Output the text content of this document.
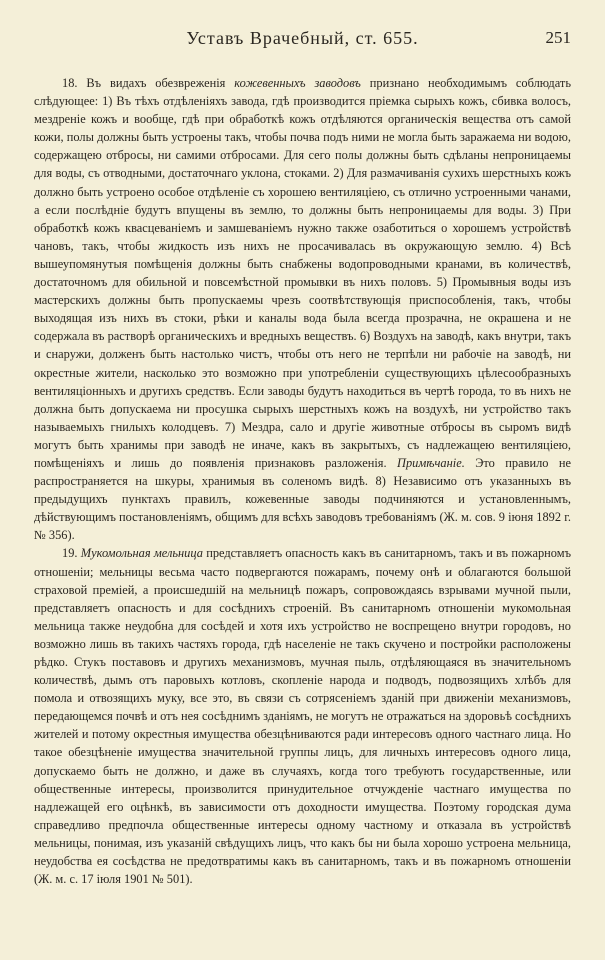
Уставъ Врачебный, ст. 655.	251

18. Въ видахъ обезвреженія кожевенныхъ заводовъ признано необходимымъ соблюдать слѣдующее: 1) Въ тѣхъ отдѣленіяхъ завода, гдѣ производится пріемка сырыхъ кожъ, сбивка волосъ, мездреніе кожъ и вообще, гдѣ при обработкѣ кожъ отдѣляются органическія вещества отъ самой кожи, полы должны быть устроены такъ, чтобы почва подъ ними не могла быть заражаема ни водою, содержащею отбросы, ни самими отбросами. Для сего полы должны быть сдѣланы непроницаемы для воды, съ отводными, достаточнаго уклона, стоками. 2) Для размачиванія сухихъ шерстныхъ кожъ должно быть устроено особое отдѣленіе съ хорошею вентиляціею, съ отлично устроенными чанами, а если послѣдніе будутъ впущены въ землю, то должны быть непроницаемы для воды. 3) При обработкѣ кожъ квасцеваніемъ и замшеваніемъ нужно также озаботиться о хорошемъ устройствѣ чановъ, такъ, чтобы жидкость изъ нихъ не просачивалась въ окружающую землю. 4) Всѣ вышеупомянутыя помѣщенія должны быть снабжены водопроводными кранами, въ количествѣ, достаточномъ для обильной и повсемѣстной промывки въ нихъ половъ. 5) Промывныя воды изъ мастерскихъ должны быть пропускаемы чрезъ соотвѣтствующія приспособленія, такъ, чтобы выходящая изъ нихъ въ стоки, рѣки и каналы вода была всегда прозрачна, не окрашена и не содержала въ растворѣ органическихъ и вредныхъ веществъ. 6) Воздухъ на заводѣ, какъ внутри, такъ и снаружи, долженъ быть настолько чистъ, чтобы отъ него не терпѣли ни рабочіе на заводѣ, ни окрестные жители, насколько это возможно при употребленіи существующихъ цѣлесообразныхъ вентиляціонныхъ и другихъ средствъ. Если заводы будутъ находиться въ чертѣ города, то въ нихъ не должна быть допускаема ни просушка сырыхъ шерстныхъ кожъ на воздухѣ, ни устройство такъ называемыхъ гнилыхъ колодцевъ. 7) Мездра, сало и другіе животные отбросы въ сыромъ видѣ могутъ быть хранимы при заводѣ не иначе, какъ въ закрытыхъ, съ надлежащею вентиляціею, помѣщеніяхъ и лишь до появленія признаковъ разложенія. Примѣчаніе. Это правило не распространяется на шкуры, хранимыя въ соленомъ видѣ. 8) Независимо отъ указанныхъ въ предыдущихъ пунктахъ правилъ, кожевенные заводы подчиняются и установленнымъ, дѣйствующимъ постановленіямъ, общимъ для всѣхъ заводовъ требованіямъ (Ж. м. сов. 9 іюня 1892 г. № 356).

19. Мукомольная мельница представляетъ опасность какъ въ санитарномъ, такъ и въ пожарномъ отношеніи; мельницы весьма часто подвергаются пожарамъ, почему онѣ и облагаются большой страховой преміей, а происшедшій на мельницѣ пожаръ, сопровождаясь взрывами мучной пыли, представляетъ опасность и для сосѣднихъ строеній. Въ санитарномъ отношеніи мукомольная мельница также неудобна для сосѣдей и хотя ихъ устройство не воспрещено внутри городовъ, но возможно лишь въ такихъ частяхъ города, гдѣ населеніе не такъ скучено и постройки расположены рѣдко. Стукъ поставовъ и другихъ механизмовъ, мучная пыль, отдѣляющаяся въ значительномъ количествѣ, дымъ отъ паровыхъ котловъ, скопленіе народа и подводъ, подвозящихъ хлѣбъ для помола и отвозящихъ муку, все это, въ связи съ сотрясеніемъ зданій при движеніи механизмовъ, передающемся почвѣ и отъ нея сосѣднимъ зданіямъ, не могутъ не отражаться на здоровьѣ сосѣднихъ жителей и потому окрестныя имущества обезцѣниваются ради интересовъ одного частнаго лица. Но такое обезцѣненіе имущества значительной группы лицъ, для личныхъ интересовъ одного лица, допускаемо быть не должно, и даже въ случаяхъ, когда того требуютъ государственные, или общественные интересы, произволится принудительное отчужденіе частнаго имущества по надлежащей его оцѣнкѣ, въ зависимости отъ доходности имущества. Поэтому городская дума справедливо предпочла общественные интересы одному частному и отказала въ устройствѣ мельницы, понимая, изъ указаній свѣдущихъ лицъ, что какъ бы ни была хорошо устроена мельница, неудобства ея сосѣдства не предотвратимы какъ въ санитарномъ, такъ и въ пожарномъ отношеніи (Ж. м. с. 17 іюля 1901 № 501).
